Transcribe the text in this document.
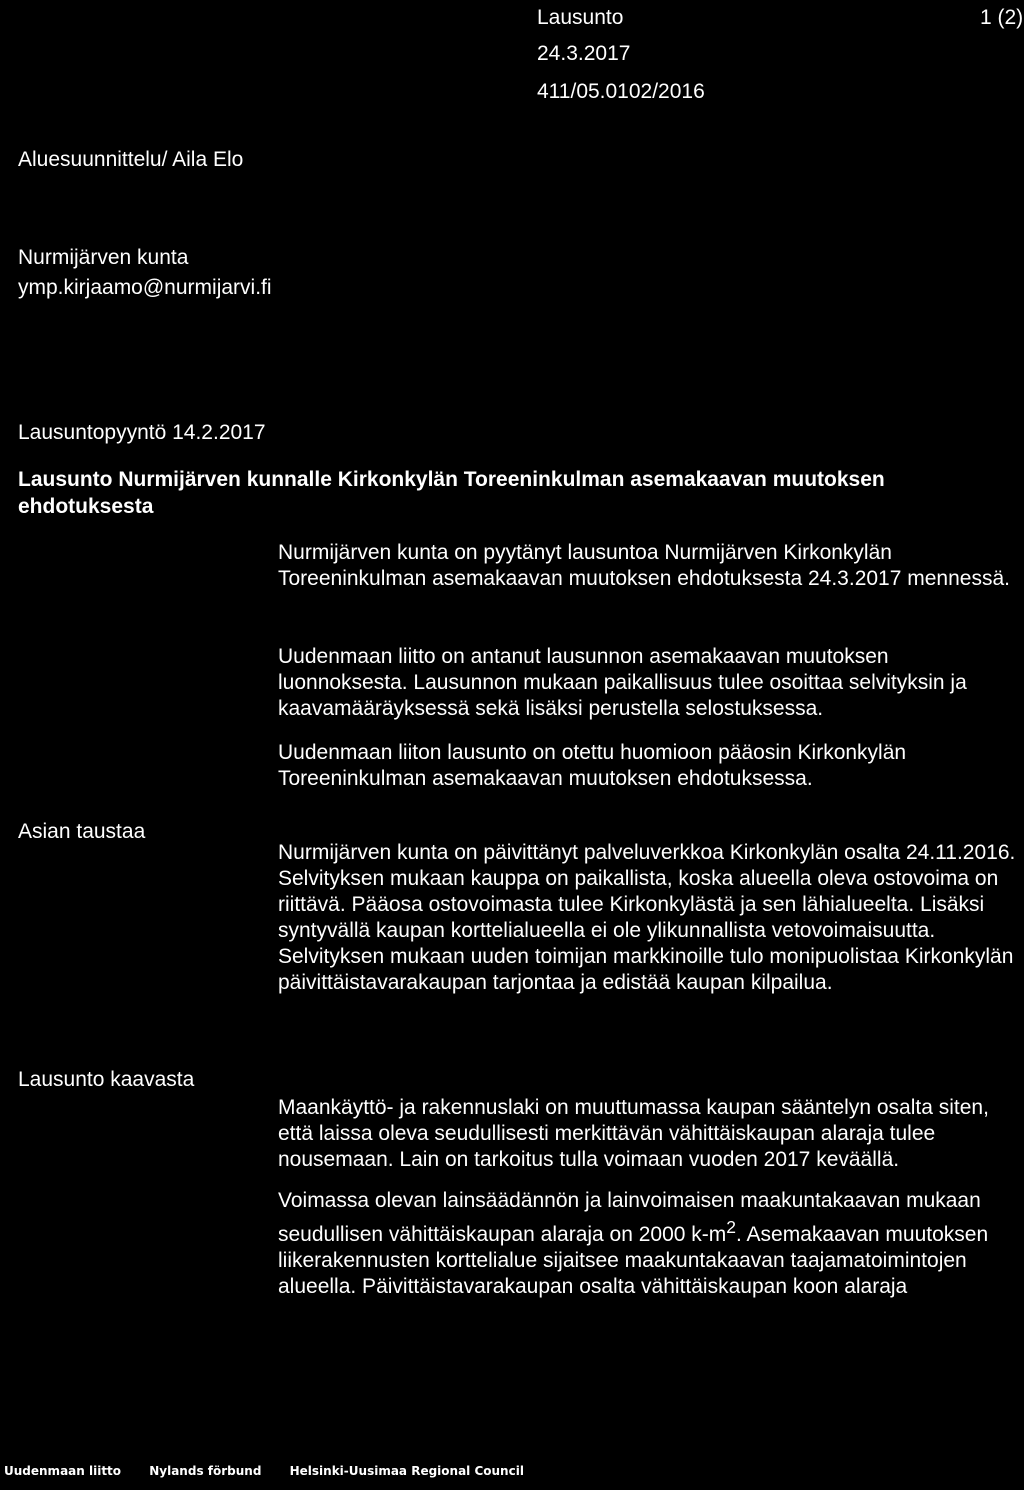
Lausunto	1 (2)
24.3.2017
411/05.0102/2016
Aluesuunnittelu/ Aila Elo
Nurmijärven kunta
ymp.kirjaamo@nurmijarvi.fi
Lausuntopyyntö 14.2.2017
Lausunto Nurmijärven kunnalle Kirkonkylän Toreeninkulman asemakaavan muutoksen ehdotuksesta

Nurmijärven kunta on pyytänyt lausuntoa Nurmijärven Kirkonkylän Toreeninkulman asemakaavan muutoksen ehdotuksesta 24.3.2017 mennessä.

Uudenmaan liitto on antanut lausunnon asemakaavan muutoksen luonnoksesta. Lausunnon mukaan paikallisuus tulee osoittaa selvityksin ja kaavamääräyksessä sekä lisäksi perustella selostuksessa.

Uudenmaan liiton lausunto on otettu huomioon pääosin Kirkonkylän Toreeninkulman asemakaavan muutoksen ehdotuksessa.

Asian taustaa

Nurmijärven kunta on päivittänyt palveluverkkoa Kirkonkylän osalta 24.11.2016. Selvityksen mukaan kauppa on paikallista, koska alueella oleva ostovoima on riittävä. Pääosa ostovoimasta tulee Kirkonkylästä ja sen lähialueelta. Lisäksi syntyvällä kaupan korttelialueella ei ole ylikunnallista vetovoimaisuutta. Selvityksen mukaan uuden toimijan markkinoille tulo monipuolistaa Kirkonkylän päivittäistavarakaupan tarjontaa ja edistää kaupan kilpailua.

Lausunto kaavasta

Maankäyttö- ja rakennuslaki on muuttumassa kaupan sääntelyn osalta siten, että laissa oleva seudullisesti merkittävän vähittäiskaupan alaraja tulee nousemaan. Lain on tarkoitus tulla voimaan vuoden 2017 keväällä.

Voimassa olevan lainsäädännön ja lainvoimaisen maakuntakaavan mukaan seudullisen vähittäiskaupan alaraja on 2000 $k-m^2$. Asemakaavan muutoksen liikerakennusten korttelialue sijaitsee maakuntakaavan taajamatoimintojen alueella. Päivittäistavarakaupan osalta vähittäiskaupan koon alaraja

Uudenmaan liitto Nylands förbund Helsinki-Uusimaa Regional Council
